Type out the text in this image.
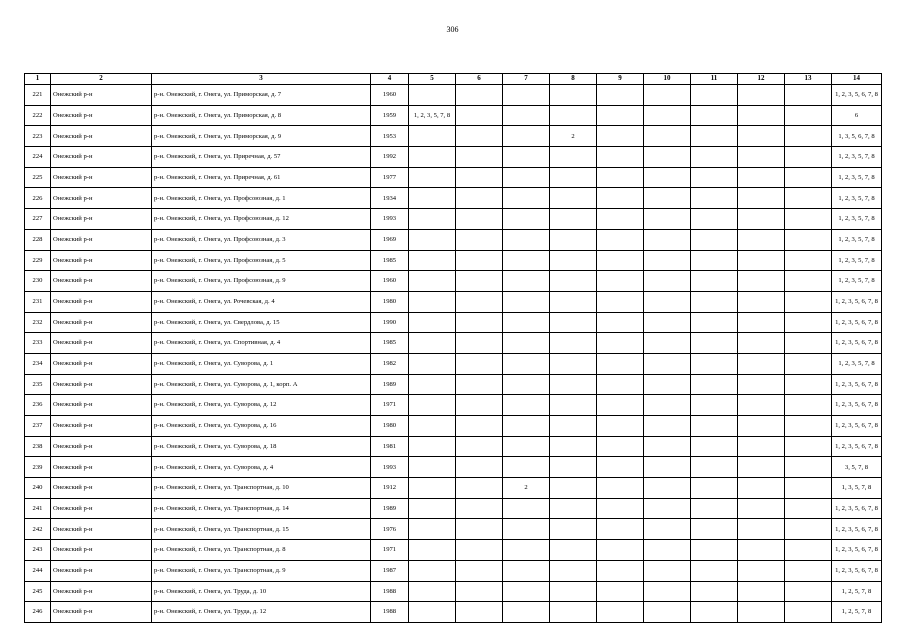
306
1	2	3	4	5	6	7	8	9	10	11	12	13	14
221	Онежский р-н	р-н. Онежский, г. Онега, ул. Приморская, д. 7	1960										1, 2, 3, 5, 6, 7, 8
222	Онежский р-н	р-н. Онежский, г. Онега, ул. Приморская, д. 8	1959	1, 2, 3, 5, 7, 8									6
223	Онежский р-н	р-н. Онежский, г. Онега, ул. Приморская, д. 9	1953				2						1, 3, 5, 6, 7, 8
224	Онежский р-н	р-н. Онежский, г. Онега, ул. Приречная, д. 57	1992										1, 2, 3, 5, 7, 8
225	Онежский р-н	р-н. Онежский, г. Онега, ул. Приречная, д. 61	1977										1, 2, 3, 5, 7, 8
226	Онежский р-н	р-н. Онежский, г. Онега, ул. Профсоюзная, д. 1	1934										1, 2, 3, 5, 7, 8
227	Онежский р-н	р-н. Онежский, г. Онега, ул. Профсоюзная, д. 12	1993										1, 2, 3, 5, 7, 8
228	Онежский р-н	р-н. Онежский, г. Онега, ул. Профсоюзная, д. 3	1969										1, 2, 3, 5, 7, 8
229	Онежский р-н	р-н. Онежский, г. Онега, ул. Профсоюзная, д. 5	1985										1, 2, 3, 5, 7, 8
230	Онежский р-н	р-н. Онежский, г. Онега, ул. Профсоюзная, д. 9	1960										1, 2, 3, 5, 7, 8
231	Онежский р-н	р-н. Онежский, г. Онега, ул. Рочевская, д. 4	1980										1, 2, 3, 5, 6, 7, 8
232	Онежский р-н	р-н. Онежский, г. Онега, ул. Свердлова, д. 15	1990										1, 2, 3, 5, 6, 7, 8
233	Онежский р-н	р-н. Онежский, г. Онега, ул. Спортивная, д. 4	1985										1, 2, 3, 5, 6, 7, 8
234	Онежский р-н	р-н. Онежский, г. Онега, ул. Суворова, д. 1	1982										1, 2, 3, 5, 7, 8
235	Онежский р-н	р-н. Онежский, г. Онега, ул. Суворова, д. 1, корп. А	1989										1, 2, 3, 5, 6, 7, 8
236	Онежский р-н	р-н. Онежский, г. Онега, ул. Суворова, д. 12	1971										1, 2, 3, 5, 6, 7, 8
237	Онежский р-н	р-н. Онежский, г. Онега, ул. Суворова, д. 16	1980										1, 2, 3, 5, 6, 7, 8
238	Онежский р-н	р-н. Онежский, г. Онега, ул. Суворова, д. 18	1981										1, 2, 3, 5, 6, 7, 8
239	Онежский р-н	р-н. Онежский, г. Онега, ул. Суворова, д. 4	1993										3, 5, 7, 8
240	Онежский р-н	р-н. Онежский, г. Онега, ул. Транспортная, д. 10	1912			2							1, 3, 5, 7, 8
241	Онежский р-н	р-н. Онежский, г. Онега, ул. Транспортная, д. 14	1989										1, 2, 3, 5, 6, 7, 8
242	Онежский р-н	р-н. Онежский, г. Онега, ул. Транспортная, д. 15	1976										1, 2, 3, 5, 6, 7, 8
243	Онежский р-н	р-н. Онежский, г. Онега, ул. Транспортная, д. 8	1971										1, 2, 3, 5, 6, 7, 8
244	Онежский р-н	р-н. Онежский, г. Онега, ул. Транспортная, д. 9	1987										1, 2, 3, 5, 6, 7, 8
245	Онежский р-н	р-н. Онежский, г. Онега, ул. Труда, д. 10	1988										1, 2, 5, 7, 8
246	Онежский р-н	р-н. Онежский, г. Онега, ул. Труда, д. 12	1988										1, 2, 5, 7, 8
